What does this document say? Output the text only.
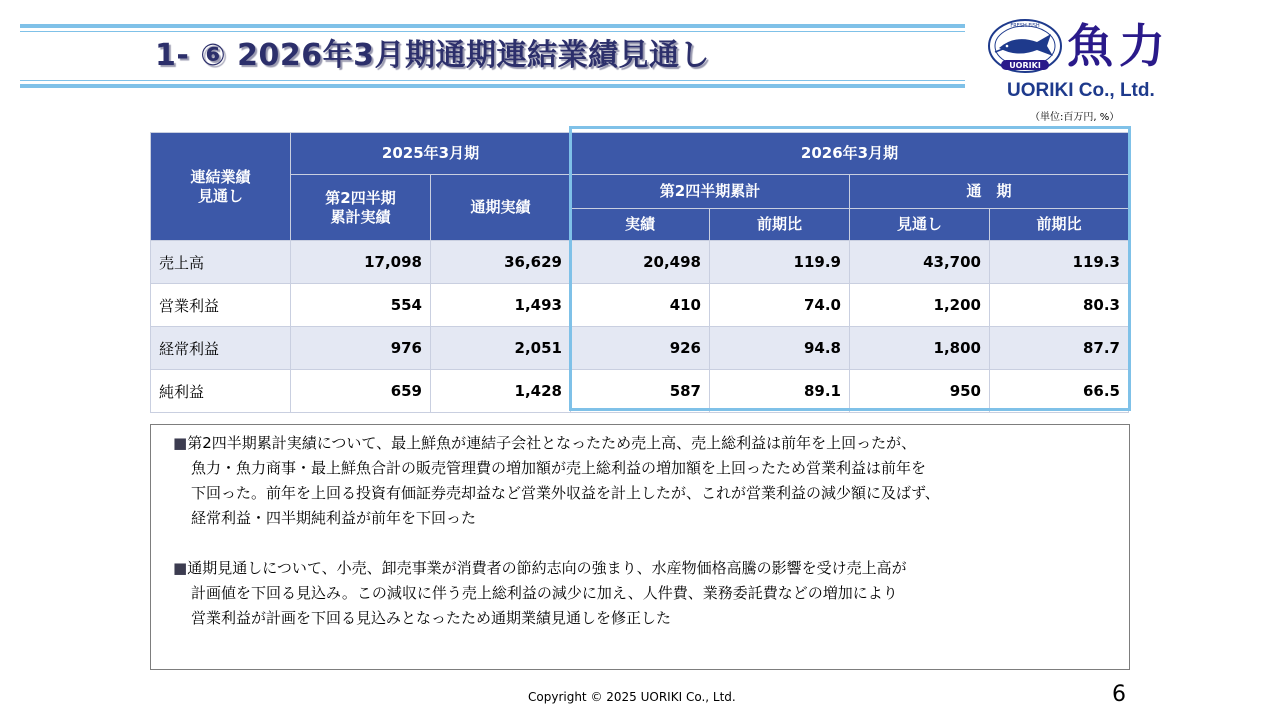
1- ⑥ 2026年3月期通期連結業績見通し	UORIKI
FRESH FISH 魚力
UORIKI Co., Ltd.
（単位:百万円, %）
連結業績
見通し	2025年3月期		2026年3月期			
	第2四半期
累計実績	通期実績	第2四半期累計		通　期	
			実績	前期比	見通し	前期比
売上高	17,098	36,629	20,498	119.9	43,700	119.3
営業利益	554	1,493	410	74.0	1,200	80.3
経常利益	976	2,051	926	94.8	1,800	87.7
純利益	659	1,428	587	89.1	950	66.5
■第2四半期累計実績について、最上鮮魚が連結子会社となったため売上高、売上総利益は前年を上回ったが、
魚力・魚力商事・最上鮮魚合計の販売管理費の増加額が売上総利益の増加額を上回ったため営業利益は前年を
下回った。前年を上回る投資有価証券売却益など営業外収益を計上したが、これが営業利益の減少額に及ばず、
経常利益・四半期純利益が前年を下回った
■通期見通しについて、小売、卸売事業が消費者の節約志向の強まり、水産物価格高騰の影響を受け売上高が
計画値を下回る見込み。この減収に伴う売上総利益の減少に加え、人件費、業務委託費などの増加により
営業利益が計画を下回る見込みとなったため通期業績見通しを修正した
Copyright © 2025 UORIKI Co., Ltd.	6
